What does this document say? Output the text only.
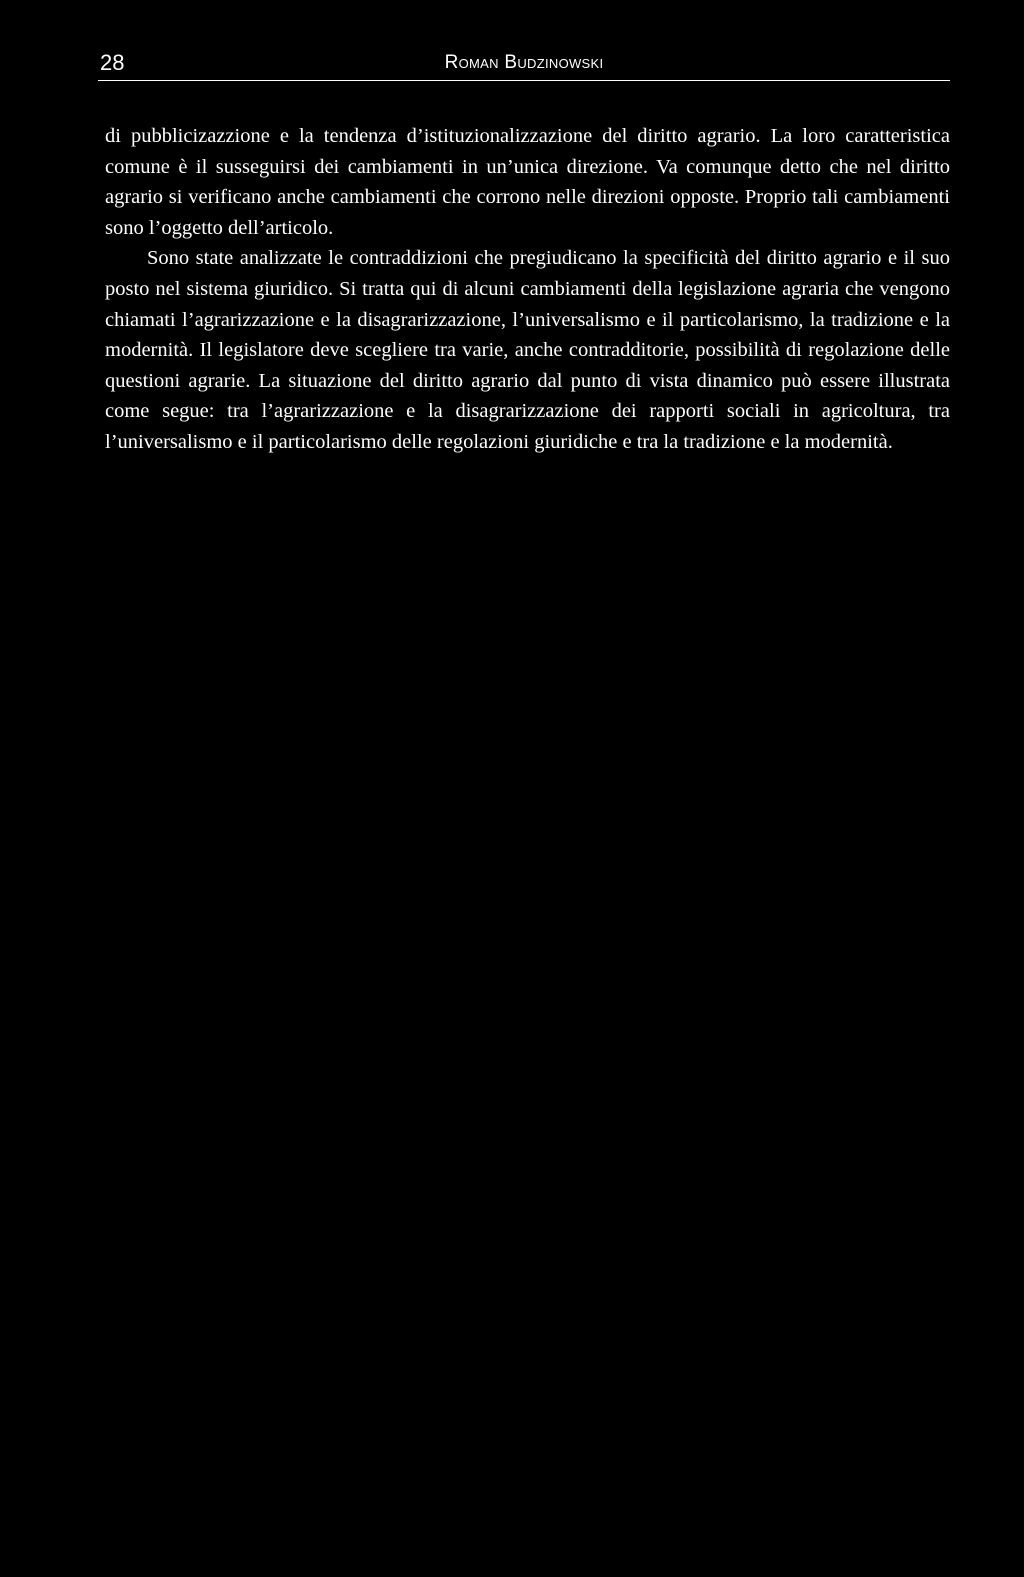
28	Roman Budzinowski

di pubblicizazzione e la tendenza d’istituzionalizzazione del diritto agrario. La loro caratteristica comune è il susseguirsi dei cambiamenti in un’unica direzione. Va comunque detto che nel diritto agrario si verificano anche cambiamenti che corrono nelle direzioni opposte. Proprio tali cambiamenti sono l’oggetto dell’articolo.

Sono state analizzate le contraddizioni che pregiudicano la specificità del diritto agrario e il suo posto nel sistema giuridico. Si tratta qui di alcuni cambiamenti della legislazione agraria che vengono chiamati l’agrarizzazione e la disagrarizzazione, l’universalismo e il particolarismo, la tradizione e la modernità. Il legislatore deve scegliere tra varie, anche contradditorie, possibilità di regolazione delle questioni agrarie. La situazione del diritto agrario dal punto di vista dinamico può essere illustrata come segue: tra l’agrarizzazione e la disagrarizzazione dei rapporti sociali in agricoltura, tra l’universalismo e il particolarismo delle regolazioni giuridiche e tra la tradizione e la modernità.
